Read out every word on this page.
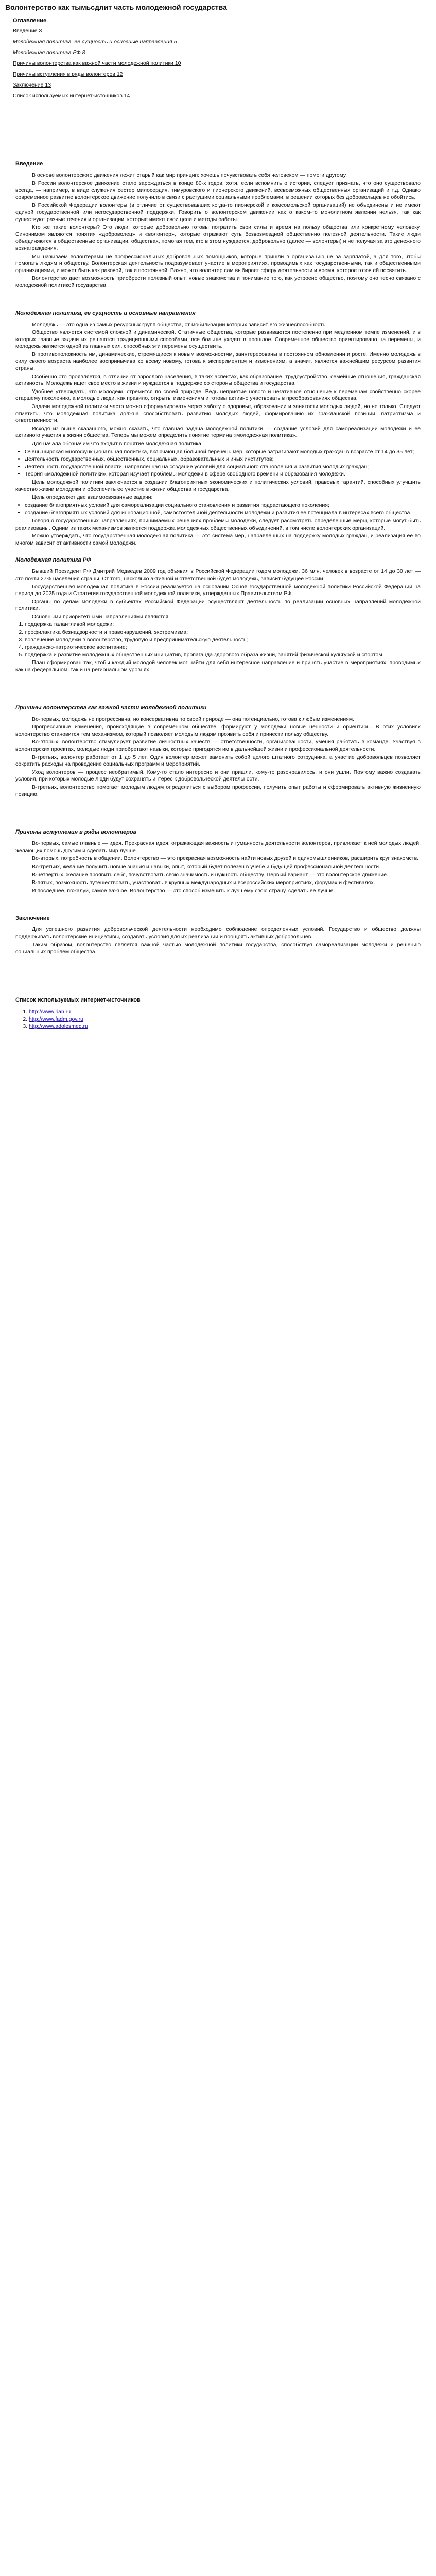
Волонтерство как тымьсдлит часть молодежной государства
Оглавление
Введение 3
Молодежная политика, ее сущность и основные направления 5
Молодежная политика РФ 8
Причины волонтерства как важной части молодежной политики 10
Причины вступления в ряды волонтеров 12
Заключение 13
Список используемых интернет-источников 14
Введение

В основе волонтерского движения лежит старый как мир принцип: хочешь почувствовать себя человеком — помоги другому.

В России волонтерское движение стало зарождаться в конце 80-х годов, хотя, если вспомнить о истории, следует признать, что оно существовало всегда, — например, в виде служения сестер милосердия, тимуровского и пионерского движений, всевозможных общественных организаций и т.д. Однако современное развитие волонтерское движение получило в связи с растущими социальными проблемами, в решении которых без добровольцев не обойтись.

В Российской Федерации волонтеры (в отличие от существовавших когда-то пионерской и комсомольской организаций) не объединены и не имеют единой государственной или негосударственной поддержки. Говорить о волонтерском движении как о каком-то монолитном явлении нельзя, так как существуют разные течения и организации, которые имеют свои цели и методы работы.

Кто же такие волонтеры? Это люди, которые добровольно готовы потратить свои силы и время на пользу общества или конкретному человеку. Синонимом являются понятия «доброволец» и «волонтер», которые отражают суть безвозмездной общественно полезной деятельности. Такие люди объединяются в общественные организации, обществах, помогая тем, кто в этом нуждается, добровольно (далее — волонтеры) и не получая за это денежного вознаграждения.

Мы называем волонтерами не профессиональных добровольных помощников, которые пришли в организацию не за зарплатой, а для того, чтобы помогать людям и обществу. Волонтерская деятельность подразумевает участие в мероприятиях, проводимых как государственными, так и общественными организациями, и может быть как разовой, так и постоянной. Важно, что волонтер сам выбирает сферу деятельности и время, которое готов ей посвятить.

Волонтерство дает возможность приобрести полезный опыт, новые знакомства и понимание того, как устроено общество, поэтому оно тесно связано с молодежной политикой государства.

Молодежная политика, ее сущность и основные направления

Молодежь — это одна из самых ресурсных групп общества, от мобилизации которых зависит его жизнеспособность.

Общество является системой сложной и динамической. Статичные общества, которые развиваются постепенно при медленном темпе изменений, и в которых главные задачи их решаются традиционными способами, все больше уходят в прошлое. Современное общество ориентировано на перемены, и молодежь является одной из главных сил, способных эти перемены осуществить.

В противоположность им, динамические, стремящиеся к новым возможностям, заинтересованы в постоянном обновлении и росте. Именно молодежь в силу своего возраста наиболее восприимчива ко всему новому, готова к экспериментам и изменениям, а значит, является важнейшим ресурсом развития страны.

Особенно это проявляется, в отличии от взрослого населения, в таких аспектах, как образование, трудоустройство, семейные отношения, гражданская активность. Молодежь ищет свое место в жизни и нуждается в поддержке со стороны общества и государства.

Удобнее утверждать, что молодежь стремится по своей природе. Ведь неприятие нового и негативное отношение к переменам свойственно скорее старшему поколению, а молодые люди, как правило, открыты изменениям и готовы активно участвовать в преобразованиях общества.

Задачи молодежной политики часто можно сформулировать через заботу о здоровье, образовании и занятости молодых людей, но не только. Следует отметить, что молодежная политика должна способствовать развитию молодых людей, формированию их гражданской позиции, патриотизма и ответственности.

Исходя из выше сказанного, можно сказать, что главная задача молодежной политики — создание условий для самореализации молодежи и ее активного участия в жизни общества. Теперь мы можем определить понятие термина «молодежная политика».

Для начала обозначим что входит в понятие молодежная политика.

• Очень широкая многофункциональная политика, включающая большой перечень мер, которые затрагивают молодых граждан в возрасте от 14 до 35 лет;
• Деятельность государственных, общественных, социальных, образовательных и иных институтов;
• Деятельность государственной власти, направленная на создание условий для социального становления и развития молодых граждан;
• Теория «молодежной политики», которая изучает проблемы молодежи в сфере свободного времени и образования молодежи.

Цель молодежной политики заключается в создании благоприятных экономических и политических условий, правовых гарантий, способных улучшить качество жизни молодежи и обеспечить ее участие в жизни общества и государства.

Цель определяет две взаимосвязанные задачи:

• создание благоприятных условий для самореализации социального становления и развития подрастающего поколения;
• создание благоприятных условий для инновационной, самостоятельной деятельности молодежи и развития её потенциала в интересах всего общества.

Говоря о государственных направлениях, принимаемых решениях проблемы молодежи, следует рассмотреть определенные меры, которые могут быть реализованы. Одним из таких механизмов является поддержка молодежных общественных объединений, в том числе волонтерских организаций.

Можно утверждать, что государственная молодежная политика — это система мер, направленных на поддержку молодых граждан, и реализация ее во многом зависит от активности самой молодежи.

Молодежная политика РФ

Бывший Президент РФ Дмитрий Медведев 2009 год объявил в Российской Федерации годом молодежи. 36 млн. человек в возрасте от 14 до 30 лет — это почти 27% населения страны. От того, насколько активной и ответственной будет молодежь, зависит будущее России.

Государственная молодежная политика в России реализуется на основании Основ государственной молодежной политики Российской Федерации на период до 2025 года и Стратегии государственной молодежной политики, утвержденных Правительством РФ.

Органы по делам молодежи в субъектах Российской Федерации осуществляют деятельность по реализации основных направлений молодежной политики.

Основными приоритетными направлениями являются:

1. поддержка талантливой молодежи;
2. профилактика безнадзорности и правонарушений, экстремизма;
3. вовлечение молодежи в волонтерство, трудовую и предпринимательскую деятельность;
4. гражданско-патриотическое воспитание;
5. поддержка и развитие молодежных общественных инициатив, пропаганда здорового образа жизни, занятий физической культурой и спортом.

План сформирован так, чтобы каждый молодой человек мог найти для себя интересное направление и принять участие в мероприятиях, проводимых как на федеральном, так и на региональном уровнях.

Причины волонтерства как важной части молодежной политики

Во-первых, молодежь не прогрессивна, но консервативна по своей природе — она потенциально, готова к любым изменениям.

Прогрессивные изменения, происходящие в современном обществе, формируют у молодежи новые ценности и ориентиры. В этих условиях волонтерство становится тем механизмом, который позволяет молодым людям проявить себя и принести пользу обществу.

Во-вторых, волонтерство стимулирует развитие личностных качеств — ответственности, организованности, умения работать в команде. Участвуя в волонтерских проектах, молодые люди приобретают навыки, которые пригодятся им в дальнейшей жизни и профессиональной деятельности.

В-третьих, волонтер работает от 1 до 5 лет. Один волонтер может заменить собой целого штатного сотрудника, а участие добровольцев позволяет сократить расходы на проведение социальных программ и мероприятий.

Уход волонтеров — процесс необратимый. Кому-то стало интересно и они пришли, кому-то разонравилось, и они ушли. Поэтому важно создавать условия, при которых молодые люди будут сохранять интерес к добровольческой деятельности.

В-третьих, волонтерство помогает молодым людям определиться с выбором профессии, получить опыт работы и сформировать активную жизненную позицию.

Причины вступления в ряды волонтеров

Во-первых, самые главные — идея. Прекрасная идея, отражающая важность и гуманность деятельности волонтеров, привлекает к ней молодых людей, желающих помочь другим и сделать мир лучше.

Во-вторых, потребность в общении. Волонтерство — это прекрасная возможность найти новых друзей и единомышленников, расширить круг знакомств.

Во-третьих, желание получить новые знания и навыки, опыт, который будет полезен в учебе и будущей профессиональной деятельности.

В-четвертых, желание проявить себя, почувствовать свою значимость и нужность обществу. Первый вариант — это волонтерское движение.

В-пятых, возможность путешествовать, участвовать в крупных международных и всероссийских мероприятиях, форумах и фестивалях.

И последнее, пожалуй, самое важное. Волонтерство — это способ изменить к лучшему свою страну, сделать ее лучше.

Заключение

Для успешного развития добровольческой деятельности необходимо соблюдение определенных условий. Государство и общество должны поддерживать волонтерские инициативы, создавать условия для их реализации и поощрять активных добровольцев.

Таким образом, волонтерство является важной частью молодежной политики государства, способствуя самореализации молодежи и решению социальных проблем общества.

Список используемых интернет-источников
1. http://www.rian.ru
2. http://www.fadm.gov.ru
3. http://www.adolesmed.ru
